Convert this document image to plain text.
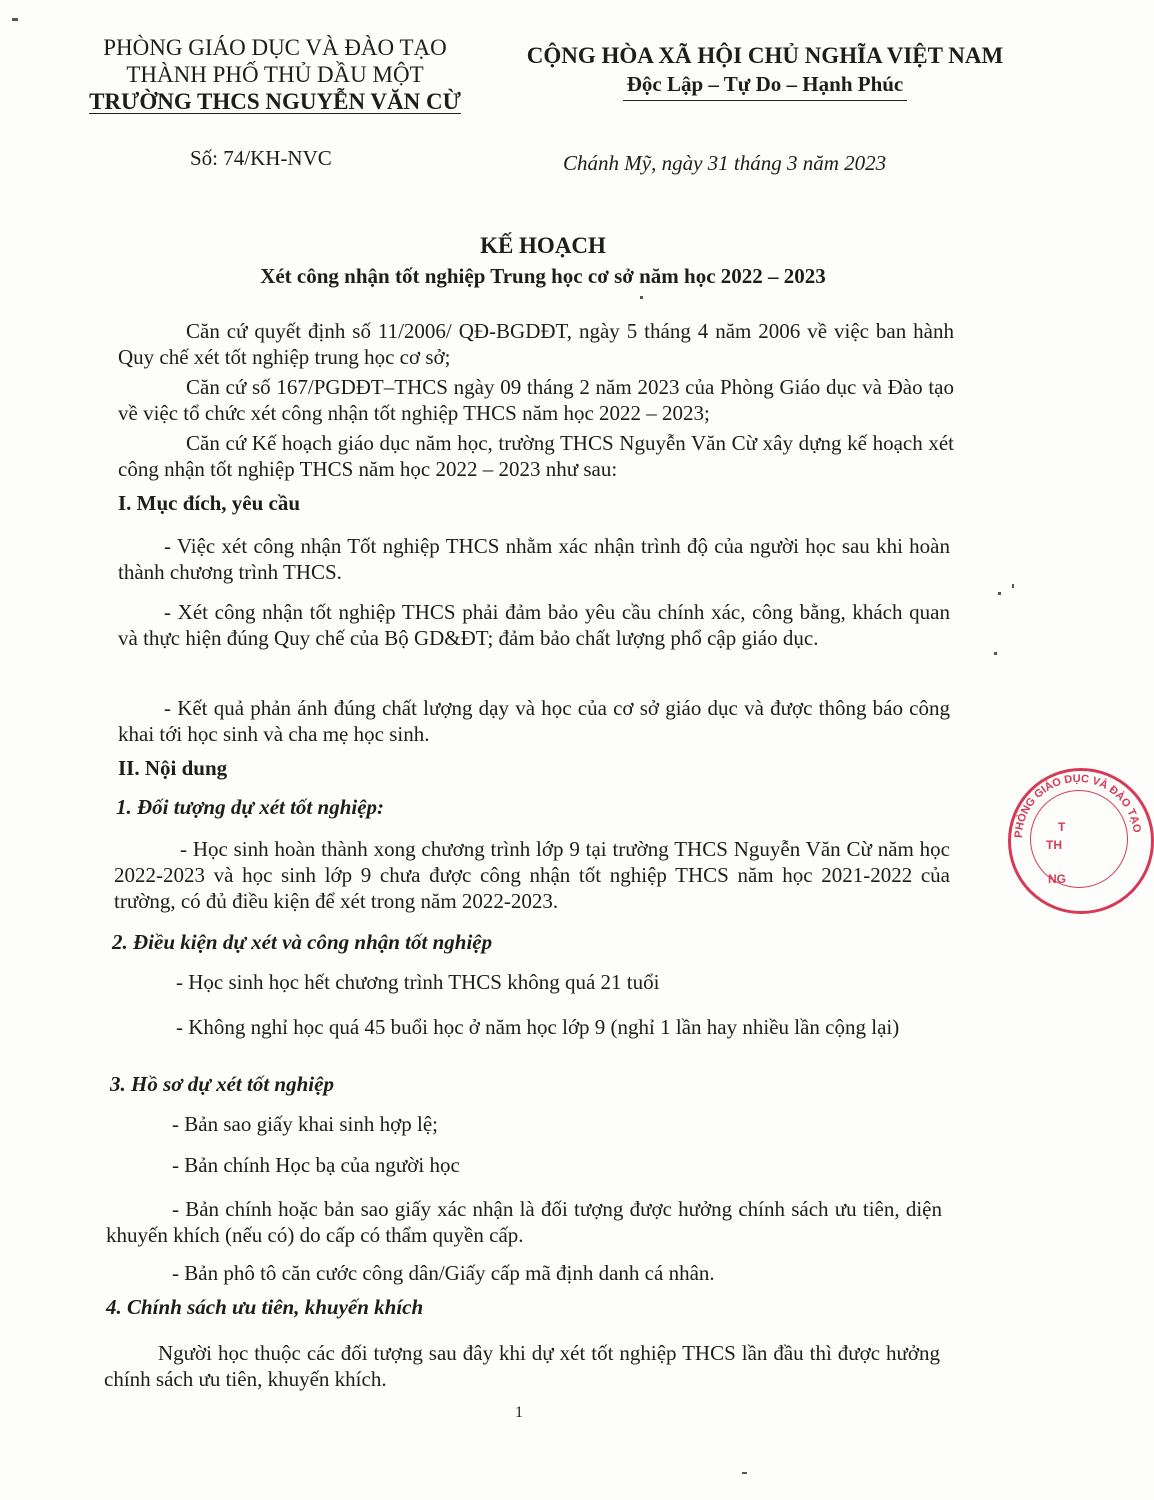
PHÒNG GIÁO DỤC VÀ ĐÀO TẠO
THÀNH PHỐ THỦ DẦU MỘT
TRƯỜNG THCS NGUYỄN VĂN CỪ
CỘNG HÒA XÃ HỘI CHỦ NGHĨA VIỆT NAM
Độc Lập – Tự Do – Hạnh Phúc
Số: 74/KH-NVC	Chánh Mỹ, ngày 31 tháng 3 năm 2023
KẾ HOẠCH
Xét công nhận tốt nghiệp Trung học cơ sở năm học 2022 – 2023
Căn cứ quyết định số 11/2006/ QĐ-BGDĐT, ngày 5 tháng 4 năm 2006 về việc ban hành Quy chế xét tốt nghiệp trung học cơ sở;
Căn cứ số 167/PGDĐT–THCS ngày 09 tháng 2 năm 2023 của Phòng Giáo dục và Đào tạo về việc tổ chức xét công nhận tốt nghiệp THCS năm học 2022 – 2023;
Căn cứ Kế hoạch giáo dục năm học, trường THCS Nguyễn Văn Cừ xây dựng kế hoạch xét công nhận tốt nghiệp THCS năm học 2022 – 2023 như sau:
I. Mục đích, yêu cầu
- Việc xét công nhận Tốt nghiệp THCS nhằm xác nhận trình độ của người học sau khi hoàn thành chương trình THCS.
- Xét công nhận tốt nghiệp THCS phải đảm bảo yêu cầu chính xác, công bằng, khách quan và thực hiện đúng Quy chế của Bộ GD&ĐT; đảm bảo chất lượng phổ cập giáo dục.
- Kết quả phản ánh đúng chất lượng dạy và học của cơ sở giáo dục và được thông báo công khai tới học sinh và cha mẹ học sinh.
II. Nội dung
1. Đối tượng dự xét tốt nghiệp:
- Học sinh hoàn thành xong chương trình lớp 9 tại trường THCS Nguyễn Văn Cừ năm học 2022-2023 và học sinh lớp 9 chưa được công nhận tốt nghiệp THCS năm học 2021-2022 của trường, có đủ điều kiện để xét trong năm 2022-2023.
2. Điều kiện dự xét và công nhận tốt nghiệp
- Học sinh học hết chương trình THCS không quá 21 tuổi
- Không nghỉ học quá 45 buổi học ở năm học lớp 9 (nghỉ 1 lần hay nhiều lần cộng lại)
3. Hồ sơ dự xét tốt nghiệp
- Bản sao giấy khai sinh hợp lệ;
- Bản chính Học bạ của người học
- Bản chính hoặc bản sao giấy xác nhận là đối tượng được hưởng chính sách ưu tiên, diện khuyến khích (nếu có) do cấp có thẩm quyền cấp.
- Bản phô tô căn cước công dân/Giấy cấp mã định danh cá nhân.
4. Chính sách ưu tiên, khuyến khích
Người học thuộc các đối tượng sau đây khi dự xét tốt nghiệp THCS lần đầu thì được hưởng chính sách ưu tiên, khuyến khích.
1
PHÒNG GIÁO DỤC VÀ ĐÀO TẠO
T
TH
NG
